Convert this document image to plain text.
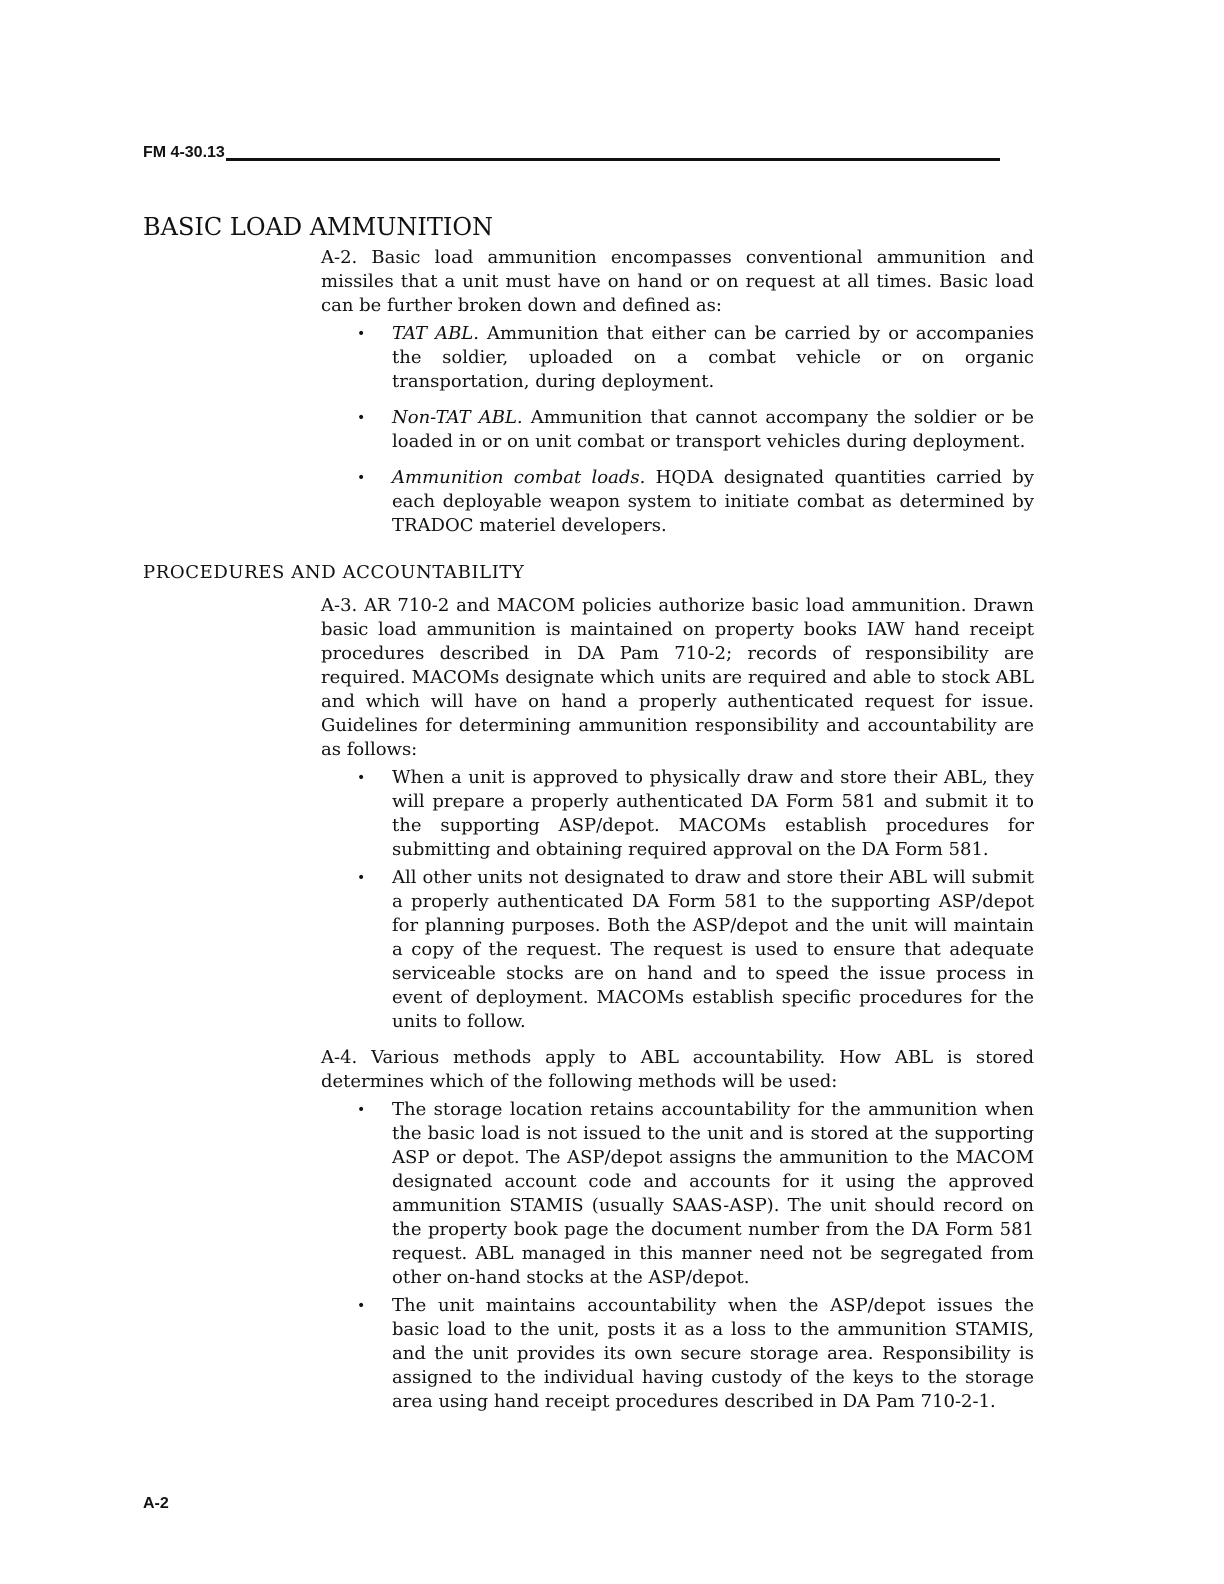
FM 4-30.13
BASIC LOAD AMMUNITION

A-2. Basic load ammunition encompasses conventional ammunition and missiles that a unit must have on hand or on request at all times. Basic load can be further broken down and defined as:

• TAT ABL. Ammunition that either can be carried by or accompanies the soldier, uploaded on a combat vehicle or on organic transportation, during deployment.
• Non-TAT ABL. Ammunition that cannot accompany the soldier or be loaded in or on unit combat or transport vehicles during deployment.
• Ammunition combat loads. HQDA designated quantities carried by each deployable weapon system to initiate combat as determined by TRADOC materiel developers.
PROCEDURES AND ACCOUNTABILITY

A-3. AR 710-2 and MACOM policies authorize basic load ammunition. Drawn basic load ammunition is maintained on property books IAW hand receipt procedures described in DA Pam 710-2; records of responsibility are required. MACOMs designate which units are required and able to stock ABL and which will have on hand a properly authenticated request for issue. Guidelines for determining ammunition responsibility and accountability are as follows:

• When a unit is approved to physically draw and store their ABL, they will prepare a properly authenticated DA Form 581 and submit it to the supporting ASP/depot. MACOMs establish procedures for submitting and obtaining required approval on the DA Form 581.
• All other units not designated to draw and store their ABL will submit a properly authenticated DA Form 581 to the supporting ASP/depot for planning purposes. Both the ASP/depot and the unit will maintain a copy of the request. The request is used to ensure that adequate serviceable stocks are on hand and to speed the issue process in event of deployment. MACOMs establish specific procedures for the units to follow.

A-4. Various methods apply to ABL accountability. How ABL is stored determines which of the following methods will be used:

• The storage location retains accountability for the ammunition when the basic load is not issued to the unit and is stored at the supporting ASP or depot. The ASP/depot assigns the ammunition to the MACOM designated account code and accounts for it using the approved ammunition STAMIS (usually SAAS-ASP). The unit should record on the property book page the document number from the DA Form 581 request. ABL managed in this manner need not be segregated from other on-hand stocks at the ASP/depot.
• The unit maintains accountability when the ASP/depot issues the basic load to the unit, posts it as a loss to the ammunition STAMIS, and the unit provides its own secure storage area. Responsibility is assigned to the individual having custody of the keys to the storage area using hand receipt procedures described in DA Pam 710-2-1.
A-2
